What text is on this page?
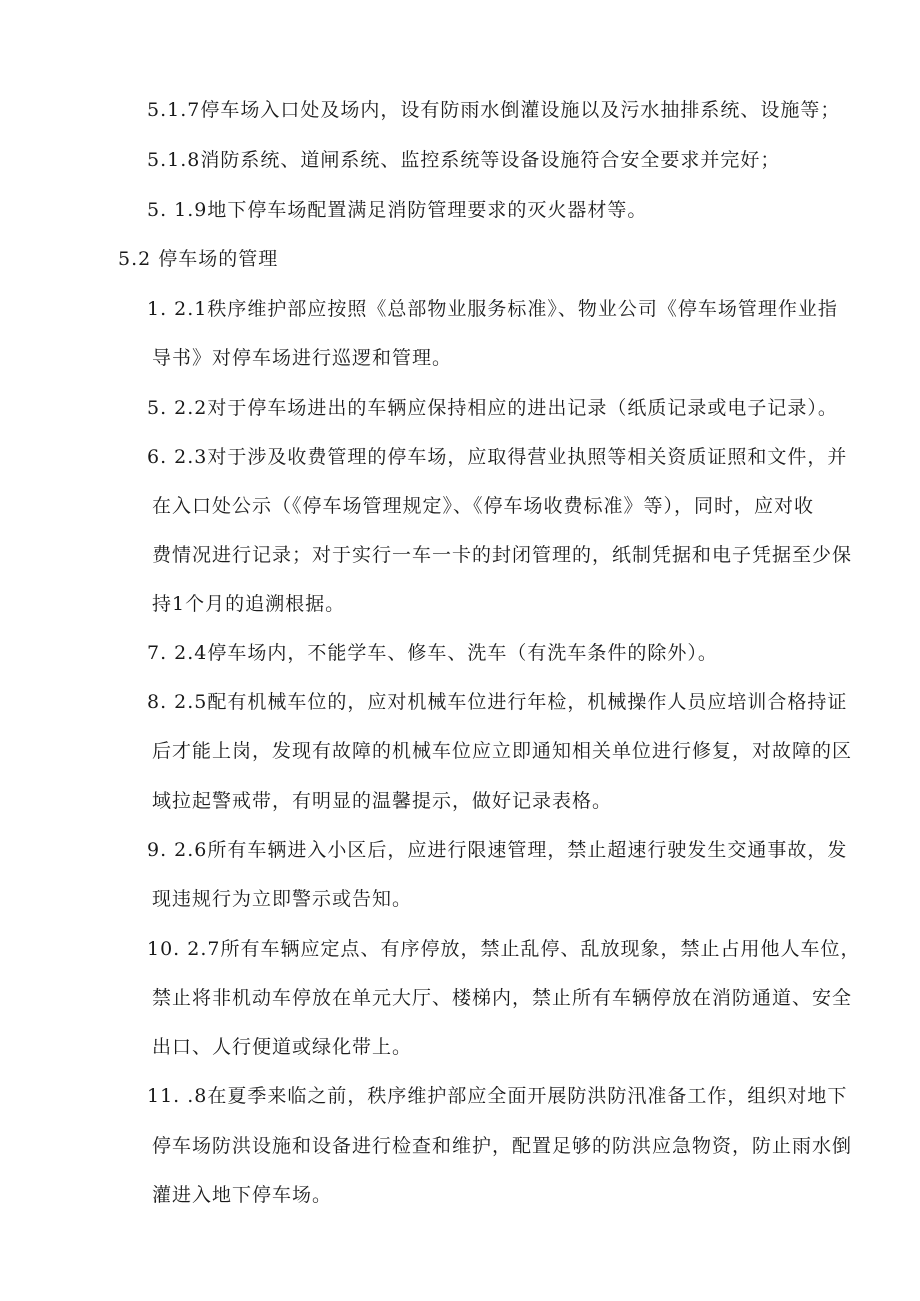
5.1.7停车场入口处及场内，设有防雨水倒灌设施以及污水抽排系统、设施等；
5.1.8消防系统、道闸系统、监控系统等设备设施符合安全要求并完好；
5. 1.9地下停车场配置满足消防管理要求的灭火器材等。
5.2 停车场的管理
1. 2.1秩序维护部应按照《总部物业服务标准》、物业公司《停车场管理作业指
导书》对停车场进行巡逻和管理。
5. 2.2对于停车场进出的车辆应保持相应的进出记录（纸质记录或电子记录）。
6. 2.3对于涉及收费管理的停车场，应取得营业执照等相关资质证照和文件，并
在入口处公示（《停车场管理规定》、《停车场收费标准》等），同时，应对收
费情况进行记录；对于实行一车一卡的封闭管理的，纸制凭据和电子凭据至少保
持1个月的追溯根据。
7. 2.4停车场内，不能学车、修车、洗车（有洗车条件的除外）。
8. 2.5配有机械车位的，应对机械车位进行年检，机械操作人员应培训合格持证
后才能上岗，发现有故障的机械车位应立即通知相关单位进行修复，对故障的区
域拉起警戒带，有明显的温馨提示，做好记录表格。
9. 2.6所有车辆进入小区后，应进行限速管理，禁止超速行驶发生交通事故，发
现违规行为立即警示或告知。
10. 2.7所有车辆应定点、有序停放，禁止乱停、乱放现象，禁止占用他人车位，
禁止将非机动车停放在单元大厅、楼梯内，禁止所有车辆停放在消防通道、安全
出口、人行便道或绿化带上。
11. .8在夏季来临之前，秩序维护部应全面开展防洪防汛准备工作，组织对地下
停车场防洪设施和设备进行检查和维护，配置足够的防洪应急物资，防止雨水倒
灌进入地下停车场。
